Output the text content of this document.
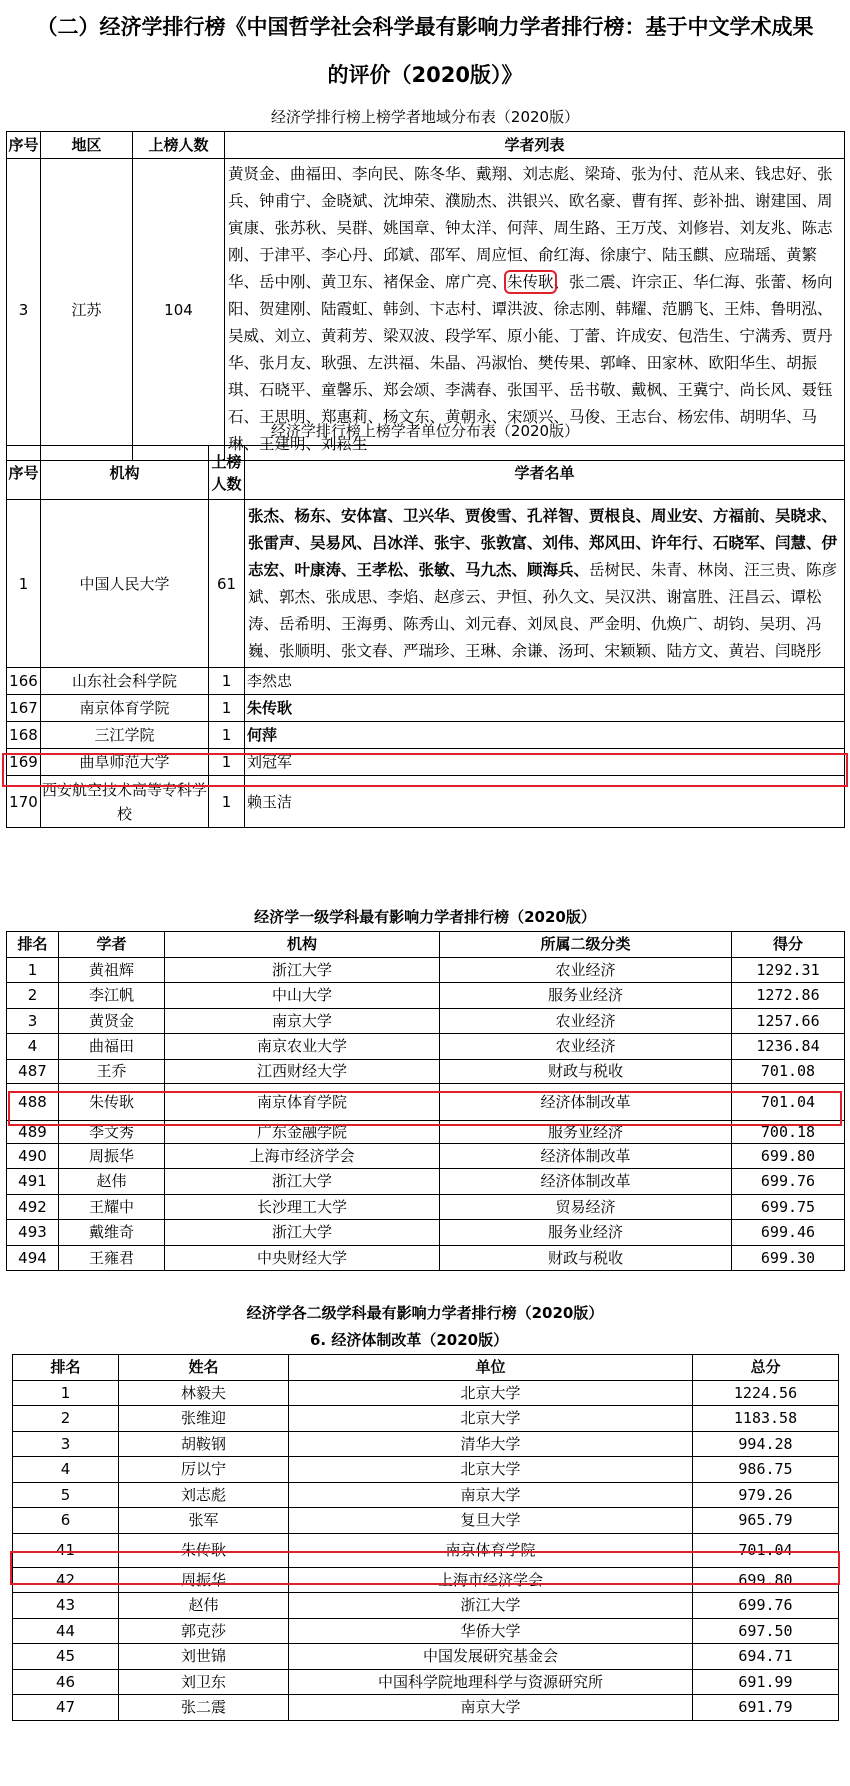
（二）经济学排行榜《中国哲学社会科学最有影响力学者排行榜：基于中文学术成果
的评价（2020版）》
经济学排行榜上榜学者地域分布表（2020版）
序号	地区	上榜人数	学者列表
3	江苏	104	黄贤金、曲福田、李向民、陈冬华、戴翔、刘志彪、梁琦、张为付、范从来、钱忠好、张兵、钟甫宁、金晓斌、沈坤荣、濮励杰、洪银兴、欧名豪、曹有挥、彭补拙、谢建国、周寅康、张苏秋、吴群、姚国章、钟太洋、何萍、周生路、王万茂、刘修岩、刘友兆、陈志刚、于津平、李心丹、邱斌、邵军、周应恒、俞红海、徐康宁、陆玉麒、应瑞瑶、黄繁华、岳中刚、黄卫东、褚保金、席广亮、朱传耿、张二震、许宗正、华仁海、张蕾、杨向阳、贺建刚、陆霞虹、韩剑、卞志村、谭洪波、徐志刚、韩耀、范鹏飞、王炜、鲁明泓、吴威、刘立、黄莉芳、梁双波、段学军、原小能、丁蕾、许成安、包浩生、宁满秀、贾丹华、张月友、耿强、左洪福、朱晶、冯淑怡、樊传果、郭峰、田家林、欧阳华生、胡振琪、石晓平、童馨乐、郑会颂、李满春、张国平、岳书敬、戴枫、王冀宁、尚长风、聂钰石、王思明、郑惠莉、杨文东、黄朝永、宋颂兴、马俊、王志台、杨宏伟、胡明华、马琳、王建明、刘崧生
经济学排行榜上榜学者单位分布表（2020版）
序号	机构	上榜人数	学者名单
1	中国人民大学	61	张杰、杨东、安体富、卫兴华、贾俊雪、孔祥智、贾根良、周业安、方福前、吴晓求、张雷声、吴易风、吕冰洋、张宇、张敦富、刘伟、郑风田、许年行、石晓军、闫慧、伊志宏、叶康涛、王孝松、张敏、马九杰、顾海兵、岳树民、朱青、林岗、汪三贵、陈彦斌、郭杰、张成思、李焰、赵彦云、尹恒、孙久文、吴汉洪、谢富胜、汪昌云、谭松涛、岳希明、王海勇、陈秀山、刘元春、刘凤良、严金明、仇焕广、胡钧、吴玥、冯巍、张顺明、张文春、严瑞珍、王琳、余谦、汤珂、宋颖颖、陆方文、黄岩、闫晓彤
166	山东社会科学院	1	李然忠
167	南京体育学院	1	朱传耿
168	三江学院	1	何萍
169	曲阜师范大学	1	刘冠军
170	西安航空技术高等专科学校	1	赖玉洁
经济学一级学科最有影响力学者排行榜（2020版）
排名	学者	机构	所属二级分类	得分
1	黄祖辉	浙江大学	农业经济	1292.31
2	李江帆	中山大学	服务业经济	1272.86
3	黄贤金	南京大学	农业经济	1257.66
4	曲福田	南京农业大学	农业经济	1236.84
487	王乔	江西财经大学	财政与税收	701.08
488	朱传耿	南京体育学院	经济体制改革	701.04
489	李文秀	广东金融学院	服务业经济	700.18
490	周振华	上海市经济学会	经济体制改革	699.80
491	赵伟	浙江大学	经济体制改革	699.76
492	王耀中	长沙理工大学	贸易经济	699.75
493	戴维奇	浙江大学	服务业经济	699.46
494	王雍君	中央财经大学	财政与税收	699.30
经济学各二级学科最有影响力学者排行榜（2020版）
6. 经济体制改革（2020版）
排名	姓名	单位	总分
1	林毅夫	北京大学	1224.56
2	张维迎	北京大学	1183.58
3	胡鞍钢	清华大学	994.28
4	厉以宁	北京大学	986.75
5	刘志彪	南京大学	979.26
6	张军	复旦大学	965.79
41	朱传耿	南京体育学院	701.04
42	周振华	上海市经济学会	699.80
43	赵伟	浙江大学	699.76
44	郭克莎	华侨大学	697.50
45	刘世锦	中国发展研究基金会	694.71
46	刘卫东	中国科学院地理科学与资源研究所	691.99
47	张二震	南京大学	691.79
